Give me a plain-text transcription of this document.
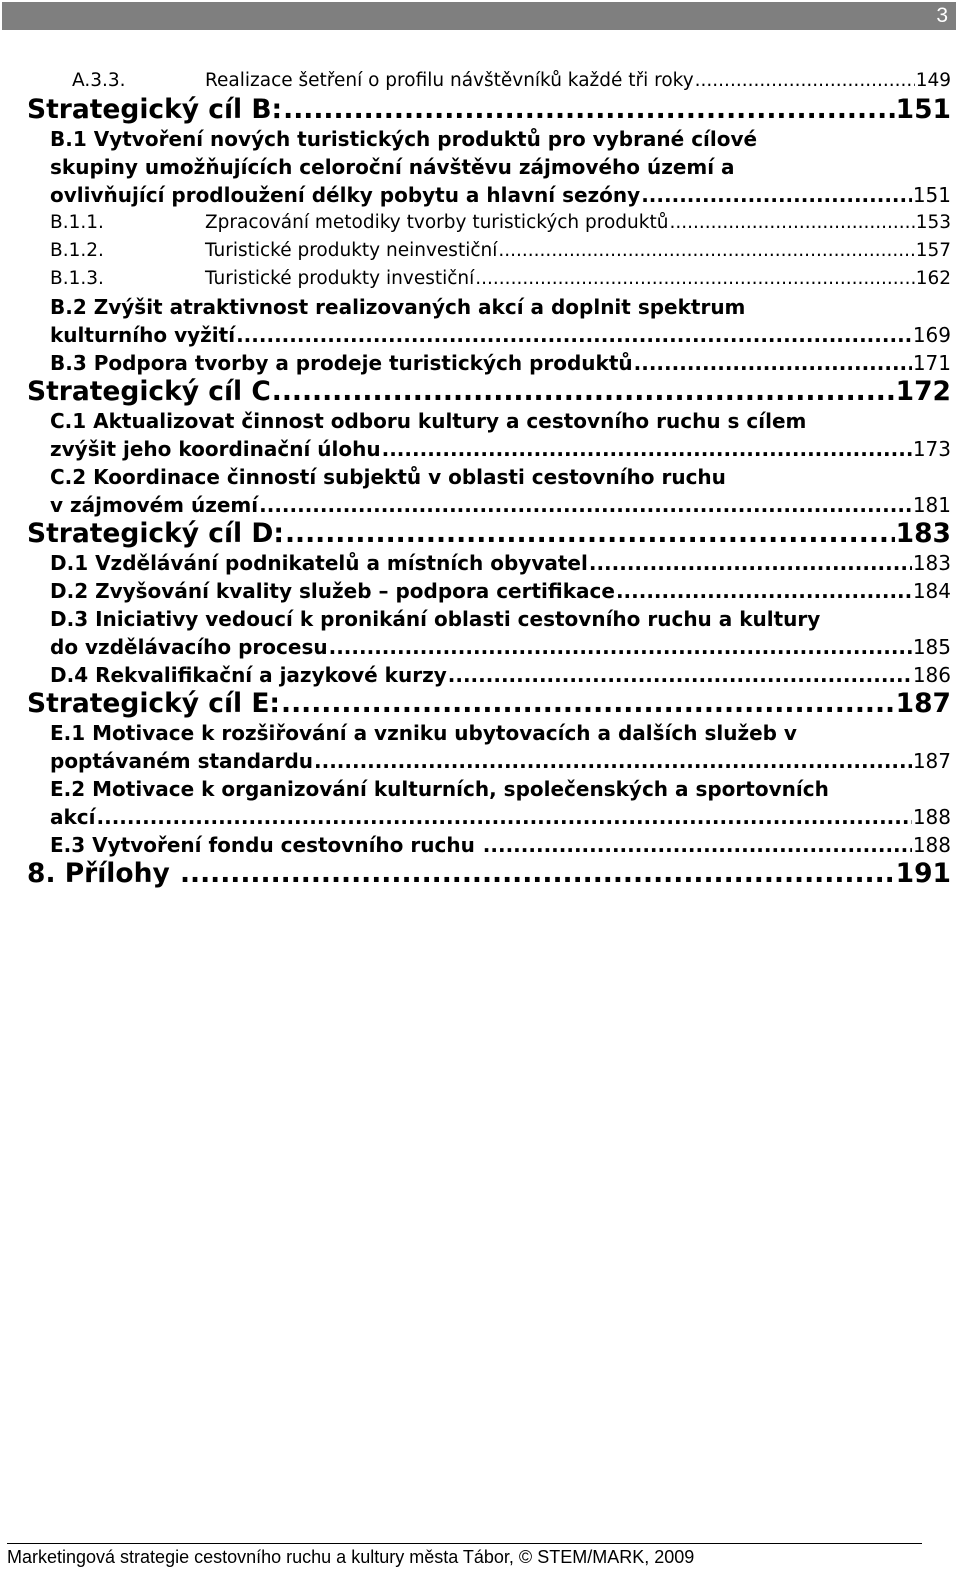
3
A.3.3.	Realizace šetření o profilu návštěvníků každé tři roky .....	149
Strategický cíl B: .....	151
B.1 Vytvoření nových turistických produktů pro vybrané cílové
skupiny umožňujících celoroční návštěvu zájmového území a
ovlivňující prodloužení délky pobytu a hlavní sezóny .....	151
B.1.1.	Zpracování metodiky tvorby turistických produktů .....	153
B.1.2.	Turistické produkty neinvestiční .....	157
B.1.3.	Turistické produkty investiční .....	162
B.2 Zvýšit atraktivnost realizovaných akcí a doplnit spektrum
kulturního vyžití .....	169
B.3 Podpora tvorby a prodeje turistických produktů .....	171
Strategický cíl C .....	172
C.1 Aktualizovat činnost odboru kultury a cestovního ruchu s cílem
zvýšit jeho koordinační úlohu .....	173
C.2 Koordinace činností subjektů v oblasti cestovního ruchu
v zájmovém území .....	181
Strategický cíl D: .....	183
D.1 Vzdělávání podnikatelů a místních obyvatel .....	183
D.2 Zvyšování kvality služeb – podpora certifikace .....	184
D.3 Iniciativy vedoucí k pronikání oblasti cestovního ruchu a kultury
do vzdělávacího procesu .....	185
D.4 Rekvalifikační a jazykové kurzy .....	186
Strategický cíl E: .....	187
E.1 Motivace k rozšiřování a vzniku ubytovacích a dalších služeb v
poptávaném standardu .....	187
E.2 Motivace k organizování kulturních, společenských a sportovních
akcí .....	188
E.3 Vytvoření fondu cestovního ruchu .....	188
8. Přílohy .....	191
Marketingová strategie cestovního ruchu a kultury města Tábor, © STEM/MARK, 2009
